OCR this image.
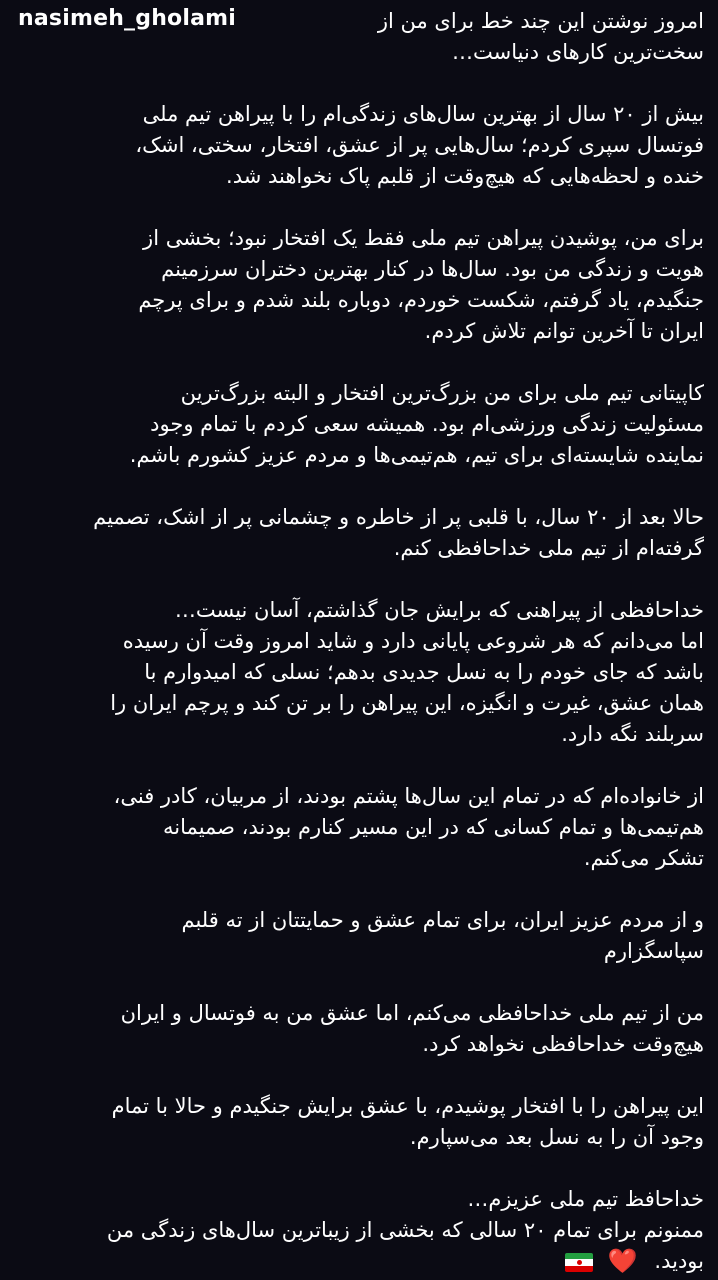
nasimeh_gholami	امروز نوشتن این چند خط برای من از
سخت‌ترین کارهای دنیاست…
بیش از ۲۰ سال از بهترین سال‌های زندگی‌ام را با پیراهن تیم ملی
فوتسال سپری کردم؛ سال‌هایی پر از عشق، افتخار، سختی، اشک،
خنده و لحظه‌هایی که هیچ‌وقت از قلبم پاک نخواهند شد.
برای من، پوشیدن پیراهن تیم ملی فقط یک افتخار نبود؛ بخشی از
هویت و زندگی من بود. سال‌ها در کنار بهترین دختران سرزمینم
جنگیدم، یاد گرفتم، شکست خوردم، دوباره بلند شدم و برای پرچم
ایران تا آخرین توانم تلاش کردم.
کاپیتانی تیم ملی برای من بزرگ‌ترین افتخار و البته بزرگ‌ترین
مسئولیت زندگی ورزشی‌ام بود. همیشه سعی کردم با تمام وجود
نماینده شایسته‌ای برای تیم، هم‌تیمی‌ها و مردم عزیز کشورم باشم.
حالا بعد از ۲۰ سال، با قلبی پر از خاطره و چشمانی پر از اشک، تصمیم
گرفته‌ام از تیم ملی خداحافظی کنم.
خداحافظی از پیراهنی که برایش جان گذاشتم، آسان نیست…
اما می‌دانم که هر شروعی پایانی دارد و شاید امروز وقت آن رسیده
باشد که جای خودم را به نسل جدیدی بدهم؛ نسلی که امیدوارم با
همان عشق، غیرت و انگیزه، این پیراهن را بر تن کند و پرچم ایران را
سربلند نگه دارد.
از خانواده‌ام که در تمام این سال‌ها پشتم بودند، از مربیان، کادر فنی،
هم‌تیمی‌ها و تمام کسانی که در این مسیر کنارم بودند، صمیمانه
تشکر می‌کنم.
و از مردم عزیز ایران، برای تمام عشق و حمایتتان از ته قلبم
سپاسگزارم
من از تیم ملی خداحافظی می‌کنم، اما عشق من به فوتسال و ایران
هیچ‌وقت خداحافظی نخواهد کرد.
این پیراهن را با افتخار پوشیدم، با عشق برایش جنگیدم و حالا با تمام
وجود آن را به نسل بعد می‌سپارم.
خداحافظ تیم ملی عزیزم…
ممنونم برای تمام ۲۰ سالی که بخشی از زیباترین سال‌های زندگی من
بودید. ❤️
